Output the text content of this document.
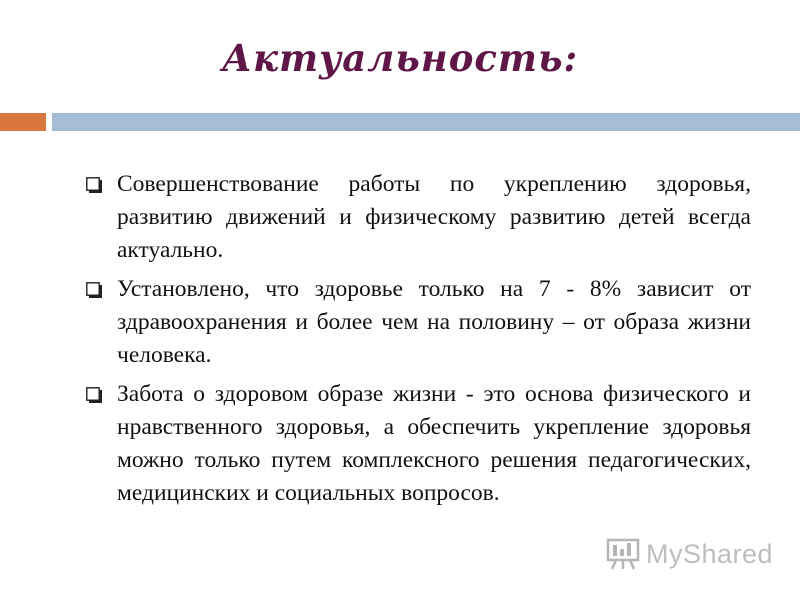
Актуальность:
Совершенствование работы по укреплению здоровья, развитию движений и физическому развитию детей всегда актуально.
Установлено, что здоровье только на 7 - 8% зависит от здравоохранения и более чем на половину – от образа жизни человека.
Забота о здоровом образе жизни - это основа физического и нравственного здоровья, а обеспечить укрепление здоровья можно только путем комплексного решения педагогических, медицинских и социальных вопросов.
MyShared
